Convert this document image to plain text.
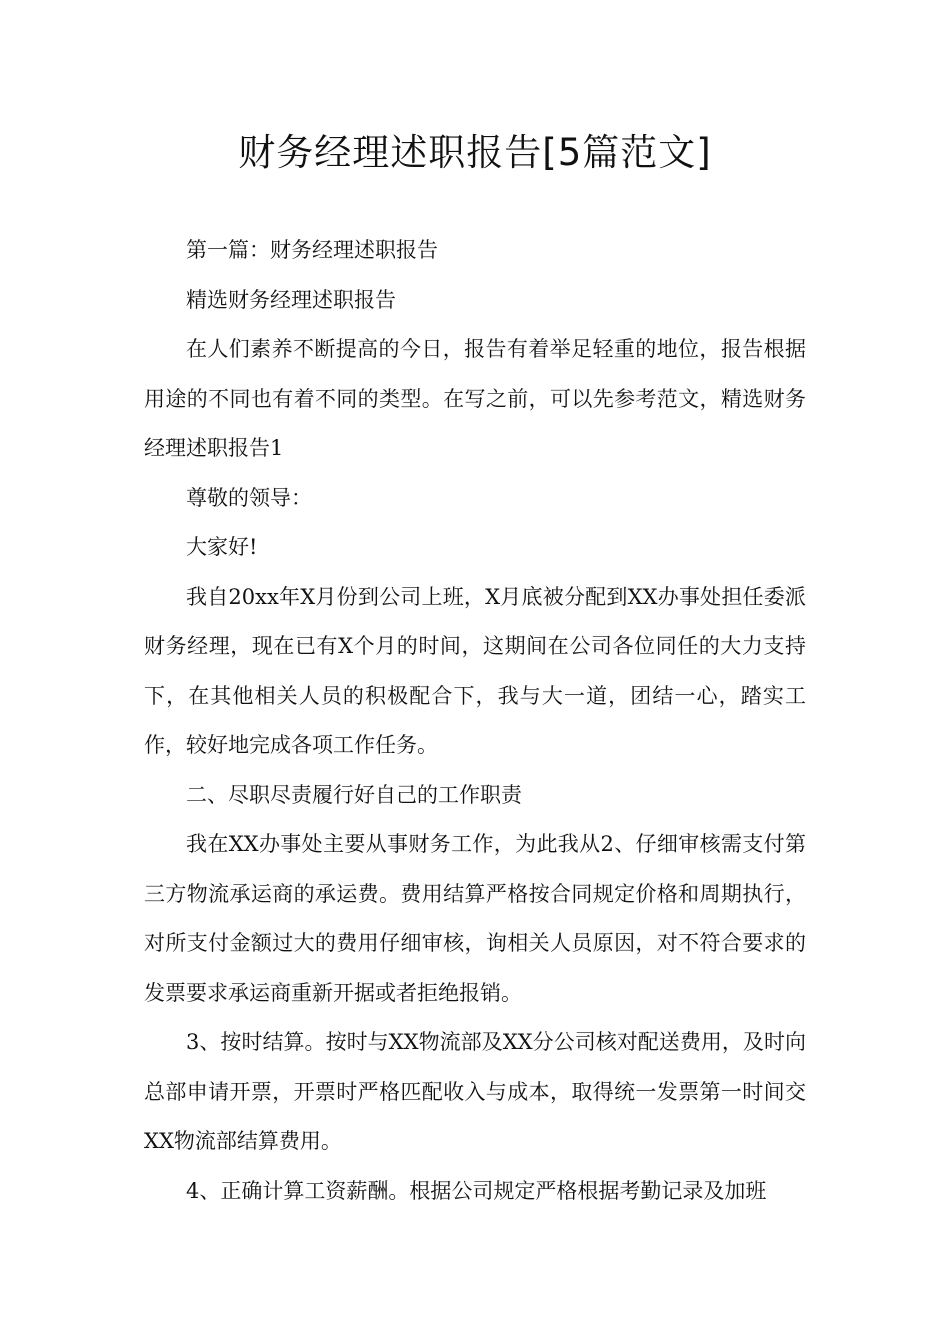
财务经理述职报告[5篇范文]

第一篇：财务经理述职报告

精选财务经理述职报告

在人们素养不断提高的今日，报告有着举足轻重的地位，报告根据用途的不同也有着不同的类型。在写之前，可以先参考范文，精选财务经理述职报告1

尊敬的领导：

大家好!

我自20xx年X月份到公司上班，X月底被分配到XX办事处担任委派财务经理，现在已有X个月的时间，这期间在公司各位同任的大力支持下，在其他相关人员的积极配合下，我与大一道，团结一心，踏实工作，较好地完成各项工作任务。

二、尽职尽责履行好自己的工作职责

我在XX办事处主要从事财务工作，为此我从2、仔细审核需支付第三方物流承运商的承运费。费用结算严格按合同规定价格和周期执行，对所支付金额过大的费用仔细审核，询相关人员原因，对不符合要求的发票要求承运商重新开据或者拒绝报销。

3、按时结算。按时与XX物流部及XX分公司核对配送费用，及时向总部申请开票，开票时严格匹配收入与成本，取得统一发票第一时间交XX物流部结算费用。

4、正确计算工资薪酬。根据公司规定严格根据考勤记录及加班
